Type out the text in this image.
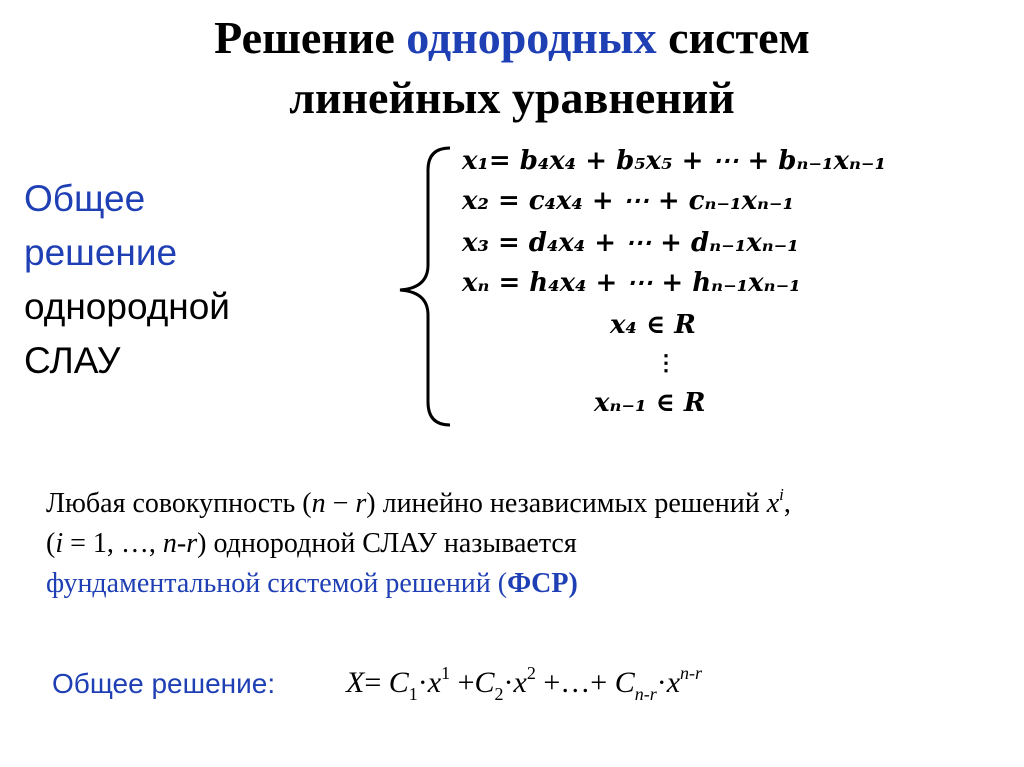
Решение однородных систем
линейных уравнений
Общее
решение
однородной
СЛАУ
x₁= b₄x₄ + b₅x₅ + ⋯ + bₙ₋₁xₙ₋₁
x₂ = c₄x₄ + ⋯ + cₙ₋₁xₙ₋₁
x₃ = d₄x₄ + ⋯ + dₙ₋₁xₙ₋₁
xₙ = h₄x₄ + ⋯ + hₙ₋₁xₙ₋₁
x₄ ∈ R
⋮
xₙ₋₁ ∈ R
Любая совокупность (n − r) линейно независимых решений $x^i$,
(i = 1, …, n-r) однородной СЛАУ называется
фундаментальной системой решений (ФСР)
Общее решение: $X= C_1\cdot x^1 +C_2\cdot x^2$ +…+ $C_{n-r}\cdot x^{n-r}$
